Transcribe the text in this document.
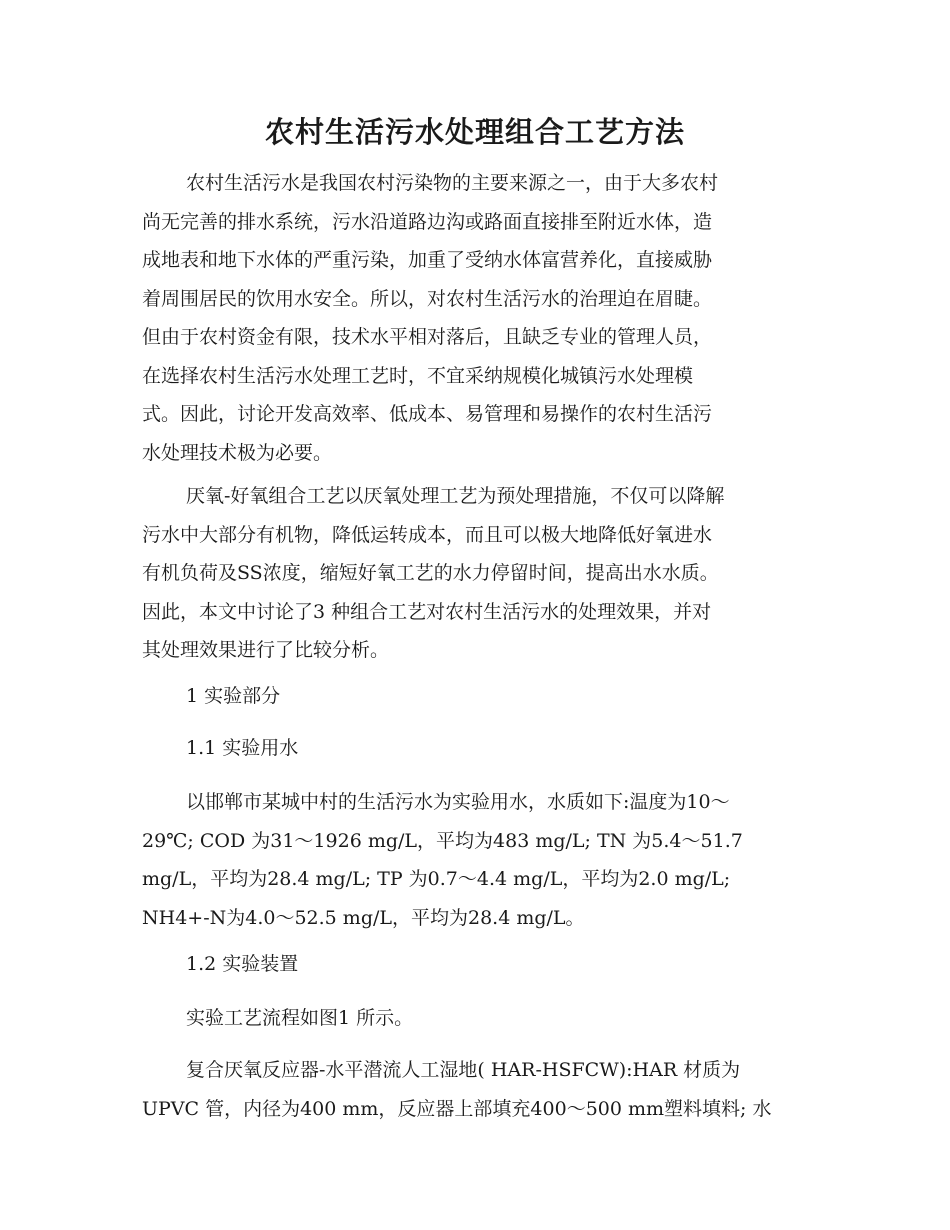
农村生活污水处理组合工艺方法
农村生活污水是我国农村污染物的主要来源之一，由于大多农村
尚无完善的排水系统，污水沿道路边沟或路面直接排至附近水体，造
成地表和地下水体的严重污染，加重了受纳水体富营养化，直接威胁
着周围居民的饮用水安全。所以，对农村生活污水的治理迫在眉睫。
但由于农村资金有限，技术水平相对落后，且缺乏专业的管理人员，
在选择农村生活污水处理工艺时，不宜采纳规模化城镇污水处理模
式。因此，讨论开发高效率、低成本、易管理和易操作的农村生活污
水处理技术极为必要。
厌氧-好氧组合工艺以厌氧处理工艺为预处理措施，不仅可以降解
污水中大部分有机物，降低运转成本，而且可以极大地降低好氧进水
有机负荷及SS浓度，缩短好氧工艺的水力停留时间，提高出水水质。
因此，本文中讨论了3 种组合工艺对农村生活污水的处理效果，并对
其处理效果进行了比较分析。
1 实验部分
1.1 实验用水
以邯郸市某城中村的生活污水为实验用水，水质如下:温度为10～
29℃; COD 为31～1926 mg/L，平均为483 mg/L; TN 为5.4～51.7
mg/L，平均为28.4 mg/L; TP 为0.7～4.4 mg/L，平均为2.0 mg/L;
NH4+-N为4.0～52.5 mg/L，平均为28.4 mg/L。
1.2 实验装置
实验工艺流程如图1 所示。
复合厌氧反应器-水平潜流人工湿地( HAR-HSFCW):HAR 材质为
UPVC 管，内径为400 mm，反应器上部填充400～500 mm塑料填料; 水
